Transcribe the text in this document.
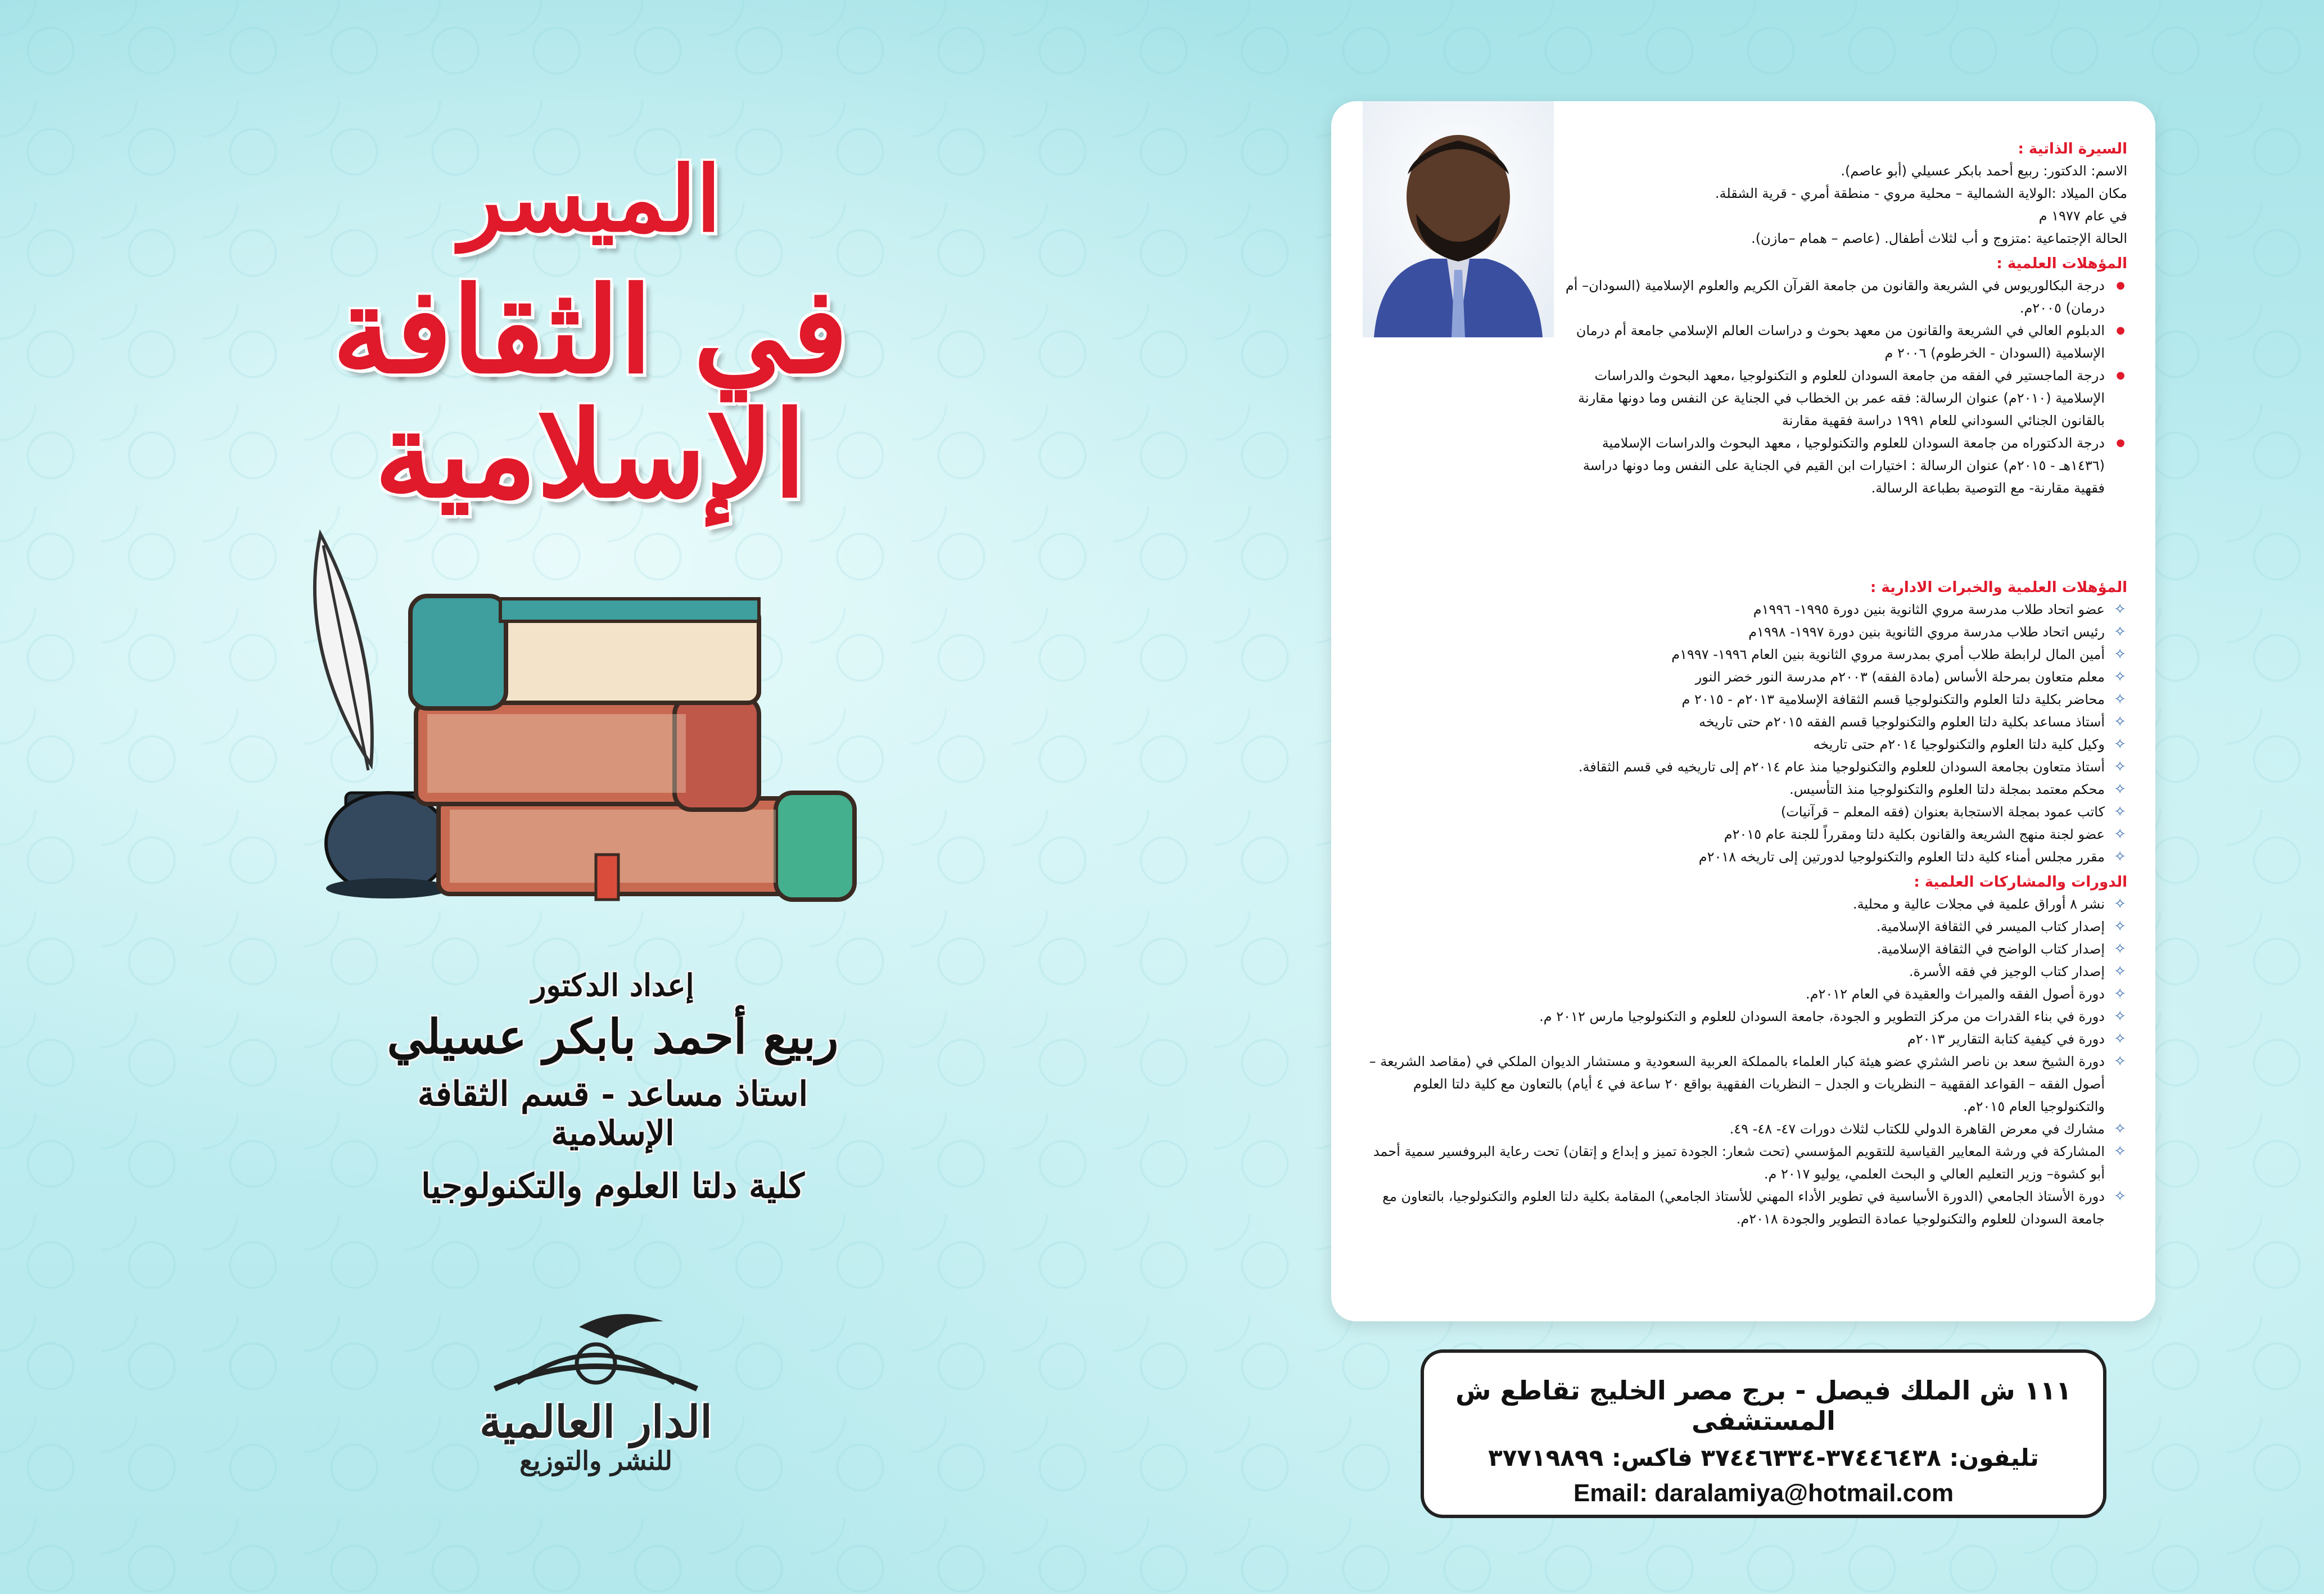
الميسر
في الثقافة الإسلامية
إعداد الدكتور
ربيع أحمد بابكر عسيلي
استاذ مساعد - قسم الثقافة الإسلامية
كلية دلتا العلوم والتكنولوجيا
الدار العالمية
للنشر والتوزيع
السيرة الذاتية :

الاسم: الدكتور: ربيع أحمد بابكر عسيلي (أبو عاصم).

مكان الميلاد :الولاية الشمالية – محلية مروي - منطقة أمري - قرية الشقلة.

في عام ١٩٧٧ م

الحالة الإجتماعية :متزوج و أب لثلاث أطفال. (عاصم – همام –مازن).

المؤهلات العلمية :
● درجة البكالوريوس في الشريعة والقانون من جامعة القرآن الكريم والعلوم الإسلامية (السودان– أم درمان) ٢٠٠٥م.
● الدبلوم العالي في الشريعة والقانون من معهد بحوث و دراسات العالم الإسلامي جامعة أم درمان الإسلامية (السودان - الخرطوم) ٢٠٠٦ م
● درجة الماجستير في الفقه من جامعة السودان للعلوم و التكنولوجيا ،معهد البحوث والدراسات الإسلامية (٢٠١٠م) عنوان الرسالة: فقه عمر بن الخطاب في الجناية عن النفس وما دونها مقارنة بالقانون الجنائي السوداني للعام ١٩٩١ دراسة فقهية مقارنة
● درجة الدكتوراه من جامعة السودان للعلوم والتكنولوجيا ، معهد البحوث والدراسات الإسلامية (١٤٣٦هـ - ٢٠١٥م) عنوان الرسالة : اختيارات ابن القيم في الجناية على النفس وما دونها دراسة فقهية مقارنة- مع التوصية بطباعة الرسالة.
المؤهلات العلمية والخبرات الادارية :
✧ عضو اتحاد طلاب مدرسة مروي الثانوية بنين دورة ١٩٩٥- ١٩٩٦م
✧ رئيس اتحاد طلاب مدرسة مروي الثانوية بنين دورة ١٩٩٧- ١٩٩٨م
✧ أمين المال لرابطة طلاب أمري بمدرسة مروي الثانوية بنين العام ١٩٩٦- ١٩٩٧م
✧ معلم متعاون بمرحلة الأساس (مادة الفقه) ٢٠٠٣م مدرسة النور خضر النور
✧ محاضر بكلية دلتا العلوم والتكنولوجيا قسم الثقافة الإسلامية ٢٠١٣م - ٢٠١٥ م
✧ أستاذ مساعد بكلية دلتا العلوم والتكنولوجيا قسم الفقه ٢٠١٥م حتى تاريخه
✧ وكيل كلية دلتا العلوم والتكنولوجيا ٢٠١٤م حتى تاريخه
✧ أستاذ متعاون بجامعة السودان للعلوم والتكنولوجيا منذ عام ٢٠١٤م إلى تاريخيه في قسم الثقافة.
✧ محكم معتمد بمجلة دلتا العلوم والتكنولوجيا منذ التأسيس.
✧ كاتب عمود بمجلة الاستجابة بعنوان (فقه المعلم – قرآنيات)
✧ عضو لجنة منهج الشريعة والقانون بكلية دلتا ومقرراً للجنة عام ٢٠١٥م
✧ مقرر مجلس أمناء كلية دلتا العلوم والتكنولوجيا لدورتين إلى تاريخه ٢٠١٨م
الدورات والمشاركات العلمية :
✧ نشر ٨ أوراق علمية في مجلات عالية و محلية.
✧ إصدار كتاب الميسر في الثقافة الإسلامية.
✧ إصدار كتاب الواضح في الثقافة الإسلامية.
✧ إصدار كتاب الوجيز في فقه الأسرة.
✧ دورة أصول الفقه والميراث والعقيدة في العام ٢٠١٢م.
✧ دورة في بناء القدرات من مركز التطوير و الجودة، جامعة السودان للعلوم و التكنولوجيا مارس ٢٠١٢ م.
✧ دورة في كيفية كتابة التقارير ٢٠١٣م
✧ دورة الشيخ سعد بن ناصر الشثري عضو هيئة كبار العلماء بالمملكة العربية السعودية و مستشار الديوان الملكي في (مقاصد الشريعة –أصول الفقه – القواعد الفقهية – النظريات و الجدل – النظريات الفقهية بواقع ٢٠ ساعة في ٤ أيام) بالتعاون مع كلية دلتا العلوم والتكنولوجيا العام ٢٠١٥م.
✧ مشارك في معرض القاهرة الدولي للكتاب لثلاث دورات ٤٧- ٤٨- ٤٩.
✧ المشاركة في ورشة المعايير القياسية للتقويم المؤسسي (تحت شعار: الجودة تميز و إبداع و إتقان) تحت رعاية البروفسير سمية أحمد أبو كشوة– وزير التعليم العالي و البحث العلمي، يوليو ٢٠١٧ م.
✧ دورة الأستاذ الجامعي (الدورة الأساسية في تطوير الأداء المهني للأستاذ الجامعي) المقامة بكلية دلتا العلوم والتكنولوجيا، بالتعاون مع جامعة السودان للعلوم والتكنولوجيا عمادة التطوير والجودة ٢٠١٨م.
١١١ ش الملك فيصل - برج مصر الخليج تقاطع ش المستشفى
تليفون: ٣٧٤٤٦٤٣٨-٣٧٤٤٦٣٣٤ فاكس: ٣٧٧١٩٨٩٩
Email: daralamiya@hotmail.com
